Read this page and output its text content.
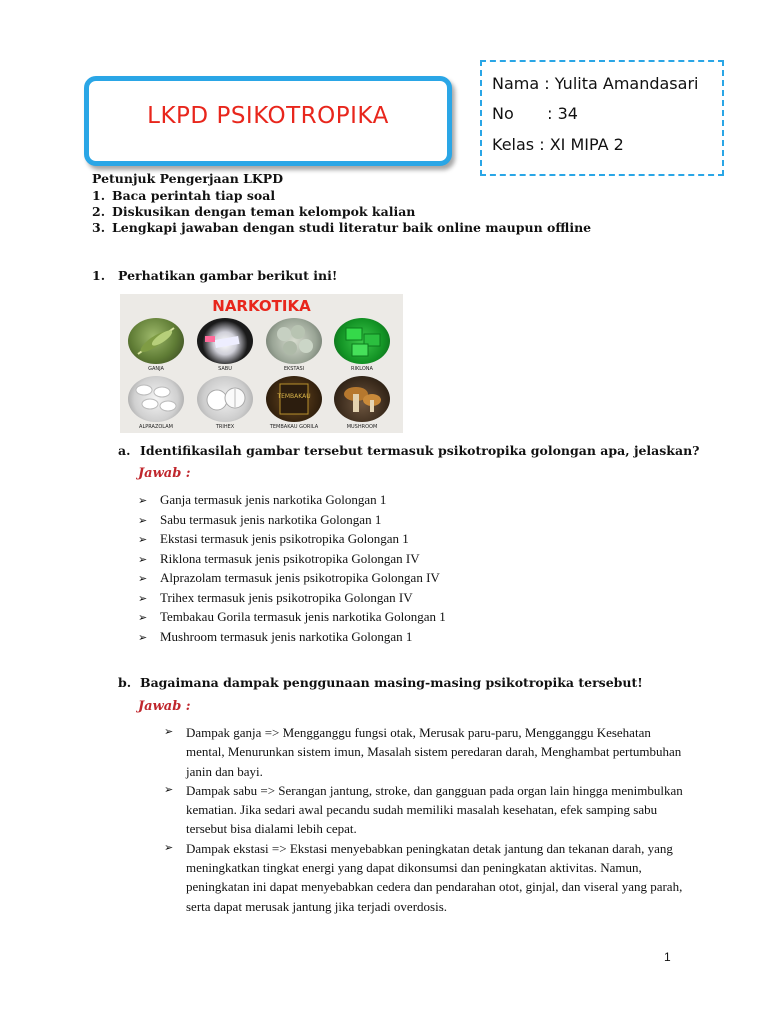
LKPD PSIKOTROPIKA
Nama : Yulita Amandasari
No : 34
Kelas : XI MIPA 2
Petunjuk Pengerjaan LKPD
1. Baca perintah tiap soal
2. Diskusikan dengan teman kelompok kalian
3. Lengkapi jawaban dengan studi literatur baik online maupun offline
1. Perhatikan gambar berikut ini!
NARKOTIKA
GANJA	SABU	EKSTASI	RIKLONA
ALPRAZOLAM	TRIHEX
TEMBAKAU
TEMBAKAU GORILA	MUSHROOM
a. Identifikasilah gambar tersebut termasuk psikotropika golongan apa, jelaskan?
Jawab :
➢ Ganja termasuk jenis narkotika Golongan 1
➢ Sabu termasuk jenis narkotika Golongan 1
➢ Ekstasi termasuk jenis psikotropika Golongan 1
➢ Riklona termasuk jenis psikotropika Golongan IV
➢ Alprazolam termasuk jenis psikotropika Golongan IV
➢ Trihex termasuk jenis psikotropika Golongan IV
➢ Tembakau Gorila termasuk jenis narkotika Golongan 1
➢ Mushroom termasuk jenis narkotika Golongan 1
b. Bagaimana dampak penggunaan masing-masing psikotropika tersebut!
Jawab :
➢ Dampak ganja => Mengganggu fungsi otak, Merusak paru-paru, Mengganggu Kesehatan mental, Menurunkan sistem imun, Masalah sistem peredaran darah, Menghambat pertumbuhan janin dan bayi.
➢ Dampak sabu => Serangan jantung, stroke, dan gangguan pada organ lain hingga menimbulkan kematian. Jika sedari awal pecandu sudah memiliki masalah kesehatan, efek samping sabu tersebut bisa dialami lebih cepat.
➢ Dampak ekstasi => Ekstasi menyebabkan peningkatan detak jantung dan tekanan darah, yang meningkatkan tingkat energi yang dapat dikonsumsi dan peningkatan aktivitas. Namun, peningkatan ini dapat menyebabkan cedera dan pendarahan otot, ginjal, dan viseral yang parah, serta dapat merusak jantung jika terjadi overdosis.
1
